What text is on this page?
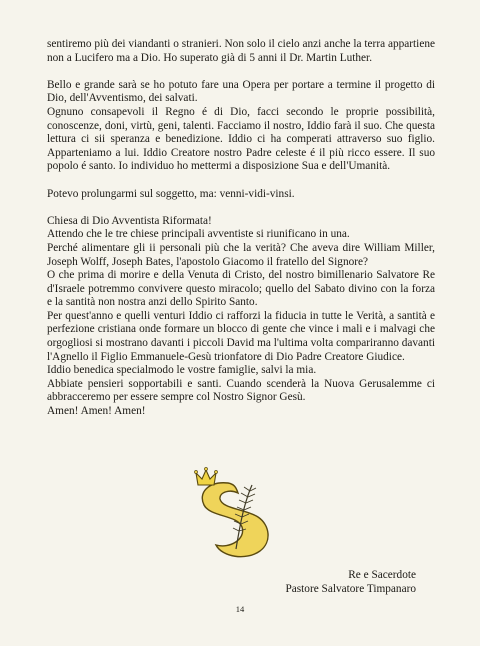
sentiremo più dei viandanti o stranieri. Non solo il cielo anzi anche la terra appartiene non a Lucifero ma a Dio. Ho superato già di 5 anni il Dr. Martin Luther.

Bello e grande sarà se ho potuto fare una Opera per portare a termine il progetto di Dio, dell'Avventismo, dei salvati.

Ognuno consapevoli il Regno é di Dio, facci secondo le proprie possibilità, conoscenze, doni, virtù, geni, talenti. Facciamo il nostro, Iddio farà il suo. Che questa lettura ci sii speranza e benedizione. Iddio ci ha comperati attraverso suo figlio. Apparteniamo a lui. Iddio Creatore nostro Padre celeste é il più ricco essere. Il suo popolo é santo. Io individuo ho mettermi a disposizione Sua e dell'Umanità.

Potevo prolungarmi sul soggetto, ma: venni-vidi-vinsi.

Chiesa di Dio Avventista Riformata!

Attendo che le tre chiese principali avventiste si riunificano in una.

Perché alimentare gli ii personali più che la verità? Che aveva dire William Miller, Joseph Wolff, Joseph Bates, l'apostolo Giacomo il fratello del Signore?

O che prima di morire e della Venuta di Cristo, del nostro bimillenario Salvatore Re d'Israele potremmo convivere questo miracolo; quello del Sabato divino con la forza e la santità non nostra anzi dello Spirito Santo.

Per quest'anno e quelli venturi Iddio ci rafforzi la fiducia in tutte le Verità, a santità e perfezione cristiana onde formare un blocco di gente che vince i mali e i malvagi che orgogliosi si mostrano davanti i piccoli David ma l'ultima volta compariranno davanti l'Agnello il Figlio Emmanuele-Gesù trionfatore di Dio Padre Creatore Giudice.

Iddio benedica specialmodo le vostre famiglie, salvi la mia.

Abbiate pensieri sopportabili e santi. Cuando scenderà la Nuova Gerusalemme ci abbracceremo per essere sempre col Nostro Signor Gesù.

Amen! Amen! Amen!

Re e Sacerdote
Pastore Salvatore Timpanaro
14
